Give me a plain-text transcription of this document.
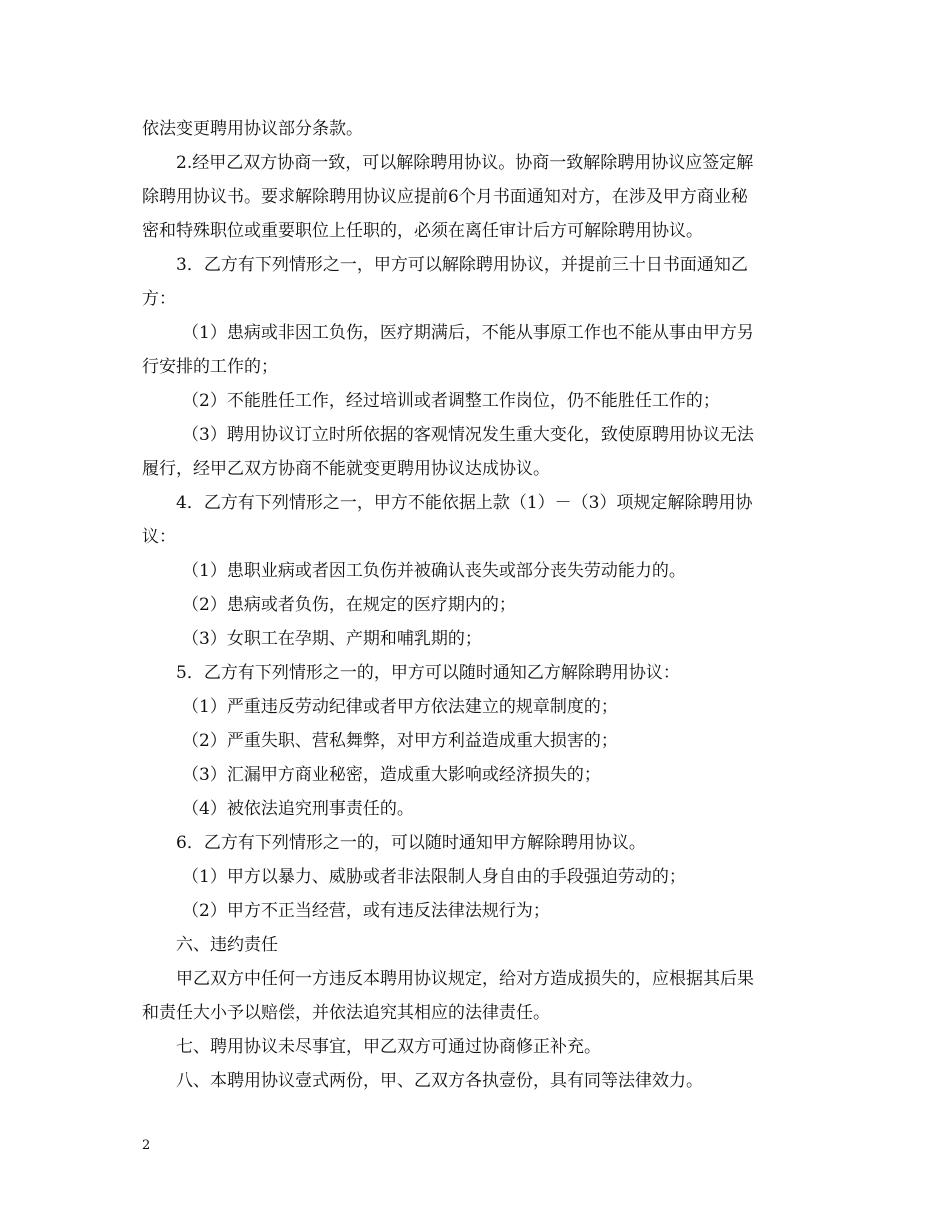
依法变更聘用协议部分条款。
2.经甲乙双方协商一致，可以解除聘用协议。协商一致解除聘用协议应签定解
除聘用协议书。要求解除聘用协议应提前6个月书面通知对方，在涉及甲方商业秘
密和特殊职位或重要职位上任职的，必须在离任审计后方可解除聘用协议。
3．乙方有下列情形之一，甲方可以解除聘用协议，并提前三十日书面通知乙
方：
（1）患病或非因工负伤，医疗期满后，不能从事原工作也不能从事由甲方另
行安排的工作的；
（2）不能胜任工作，经过培训或者调整工作岗位，仍不能胜任工作的；
（3）聘用协议订立时所依据的客观情况发生重大变化，致使原聘用协议无法
履行，经甲乙双方协商不能就变更聘用协议达成协议。
4．乙方有下列情形之一，甲方不能依据上款（1）－（3）项规定解除聘用协
议：
（1）患职业病或者因工负伤并被确认丧失或部分丧失劳动能力的。
（2）患病或者负伤，在规定的医疗期内的；
（3）女职工在孕期、产期和哺乳期的；
5．乙方有下列情形之一的，甲方可以随时通知乙方解除聘用协议：
（1）严重违反劳动纪律或者甲方依法建立的规章制度的；
（2）严重失职、营私舞弊，对甲方利益造成重大损害的；
（3）汇漏甲方商业秘密，造成重大影响或经济损失的；
（4）被依法追究刑事责任的。
6．乙方有下列情形之一的，可以随时通知甲方解除聘用协议。
（1）甲方以暴力、威胁或者非法限制人身自由的手段强迫劳动的；
（2）甲方不正当经营，或有违反法律法规行为；
六、违约责任
甲乙双方中任何一方违反本聘用协议规定，给对方造成损失的，应根据其后果
和责任大小予以赔偿，并依法追究其相应的法律责任。
七、聘用协议未尽事宜，甲乙双方可通过协商修正补充。
八、本聘用协议壹式两份，甲、乙双方各执壹份，具有同等法律效力。
2
